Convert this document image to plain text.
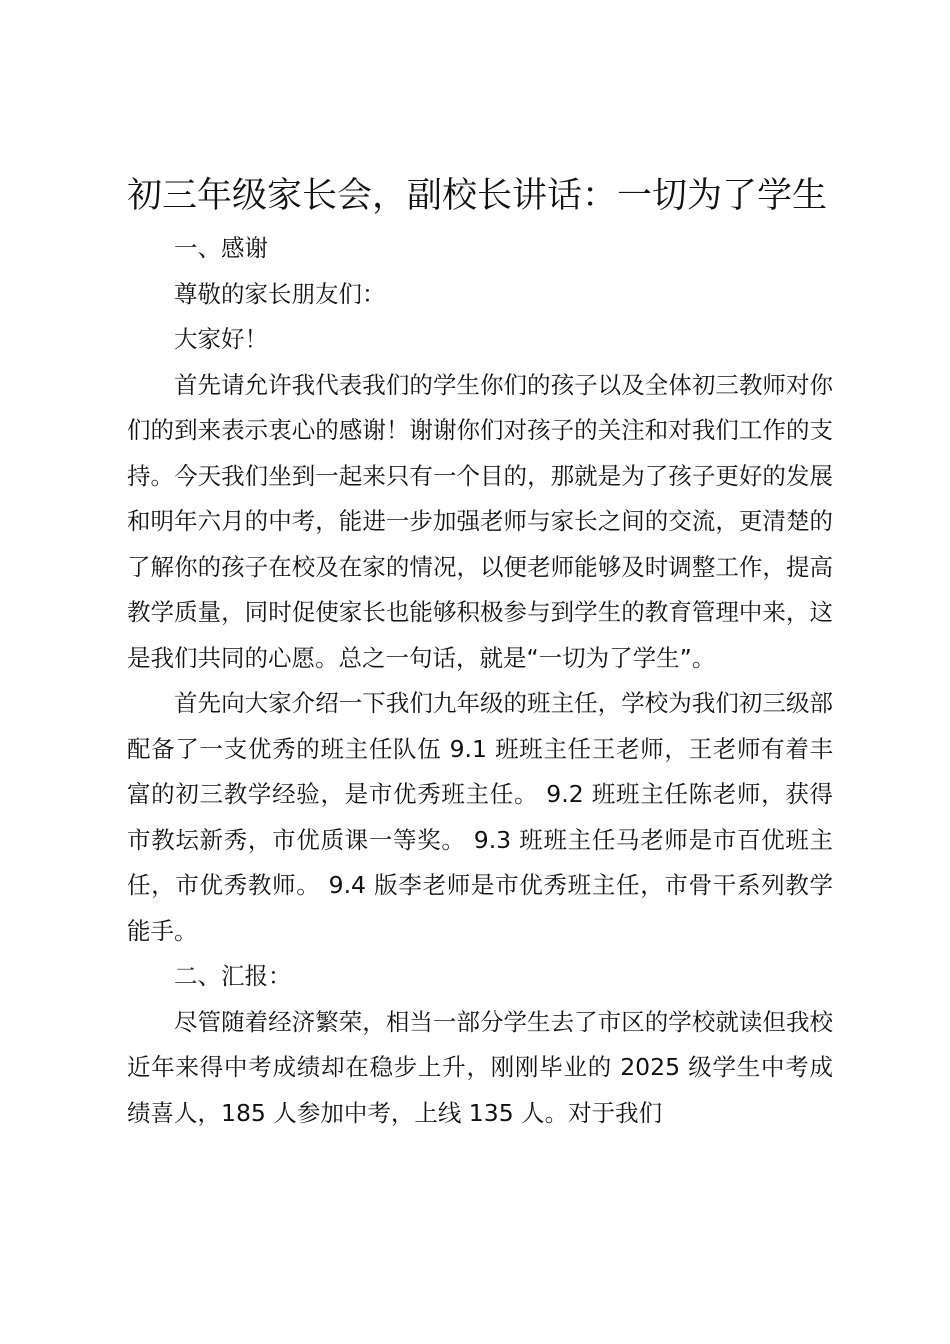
初三年级家长会，副校长讲话：一切为了学生

一、感谢

尊敬的家长朋友们：

大家好！

首先请允许我代表我们的学生你们的孩子以及全体初三教师对你们的到来表示衷心的感谢！谢谢你们对孩子的关注和对我们工作的支持。今天我们坐到一起来只有一个目的，那就是为了孩子更好的发展和明年六月的中考，能进一步加强老师与家长之间的交流，更清楚的了解你的孩子在校及在家的情况，以便老师能够及时调整工作，提高教学质量，同时促使家长也能够积极参与到学生的教育管理中来，这是我们共同的心愿。总之一句话，就是“一切为了学生”。

首先向大家介绍一下我们九年级的班主任，学校为我们初三级部配备了一支优秀的班主任队伍 9.1 班班主任王老师，王老师有着丰富的初三教学经验，是市优秀班主任。 9.2 班班主任陈老师，获得市教坛新秀，市优质课一等奖。 9.3 班班主任马老师是市百优班主任，市优秀教师。 9.4 版李老师是市优秀班主任，市骨干系列教学能手。

二、汇报：

尽管随着经济繁荣，相当一部分学生去了市区的学校就读但我校近年来得中考成绩却在稳步上升，刚刚毕业的 2025 级学生中考成绩喜人，185 人参加中考，上线 135 人。对于我们
